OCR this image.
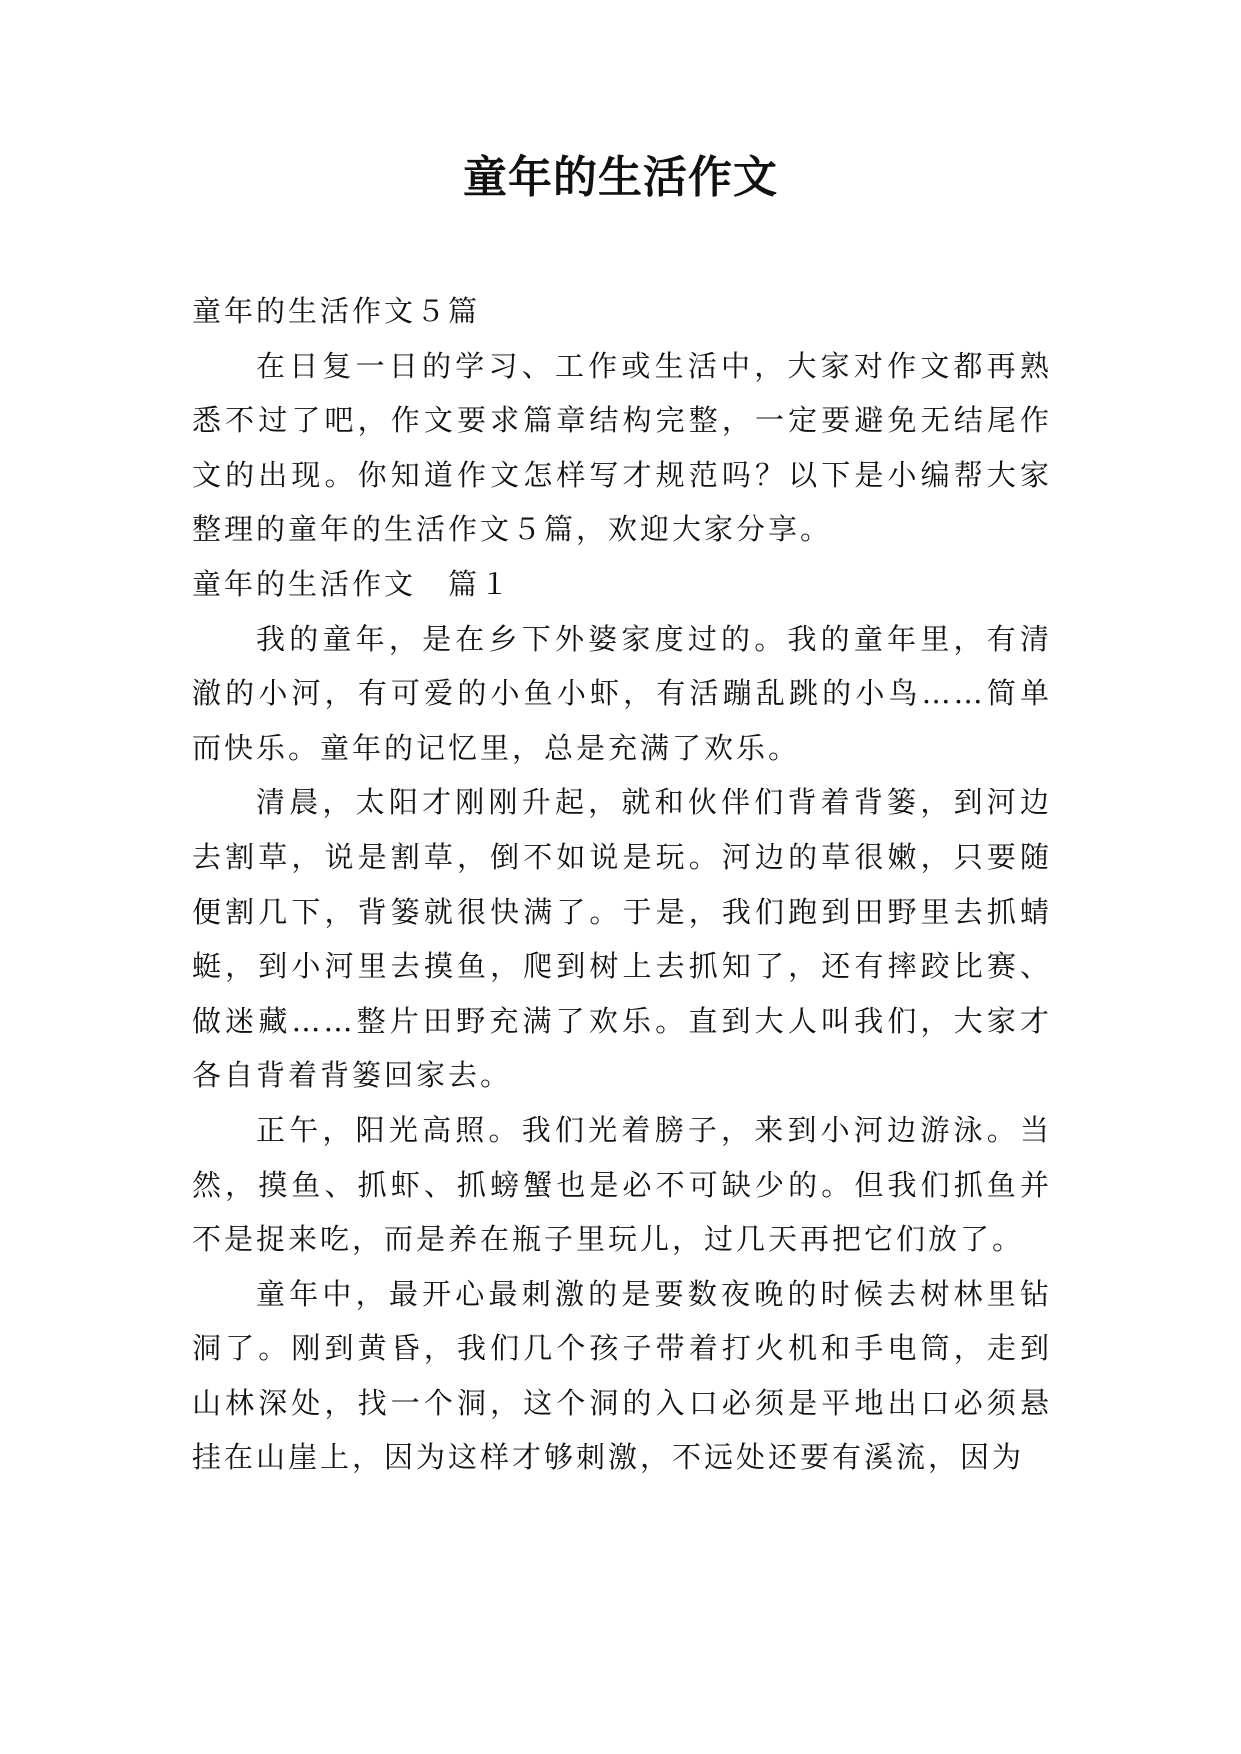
童年的生活作文

童年的生活作文５篇

在日复一日的学习、工作或生活中，大家对作文都再熟悉不过了吧，作文要求篇章结构完整，一定要避免无结尾作文的出现。你知道作文怎样写才规范吗？以下是小编帮大家整理的童年的生活作文５篇，欢迎大家分享。

童年的生活作文　篇１

我的童年，是在乡下外婆家度过的。我的童年里，有清澈的小河，有可爱的小鱼小虾，有活蹦乱跳的小鸟……简单而快乐。童年的记忆里，总是充满了欢乐。

清晨，太阳才刚刚升起，就和伙伴们背着背篓，到河边去割草，说是割草，倒不如说是玩。河边的草很嫩，只要随便割几下，背篓就很快满了。于是，我们跑到田野里去抓蜻蜓，到小河里去摸鱼，爬到树上去抓知了，还有摔跤比赛、做迷藏……整片田野充满了欢乐。直到大人叫我们，大家才各自背着背篓回家去。

正午，阳光高照。我们光着膀子，来到小河边游泳。当然，摸鱼、抓虾、抓螃蟹也是必不可缺少的。但我们抓鱼并不是捉来吃，而是养在瓶子里玩儿，过几天再把它们放了。

童年中，最开心最刺激的是要数夜晚的时候去树林里钻洞了。刚到黄昏，我们几个孩子带着打火机和手电筒，走到山林深处，找一个洞，这个洞的入口必须是平地出口必须悬挂在山崖上，因为这样才够刺激，不远处还要有溪流，因为
